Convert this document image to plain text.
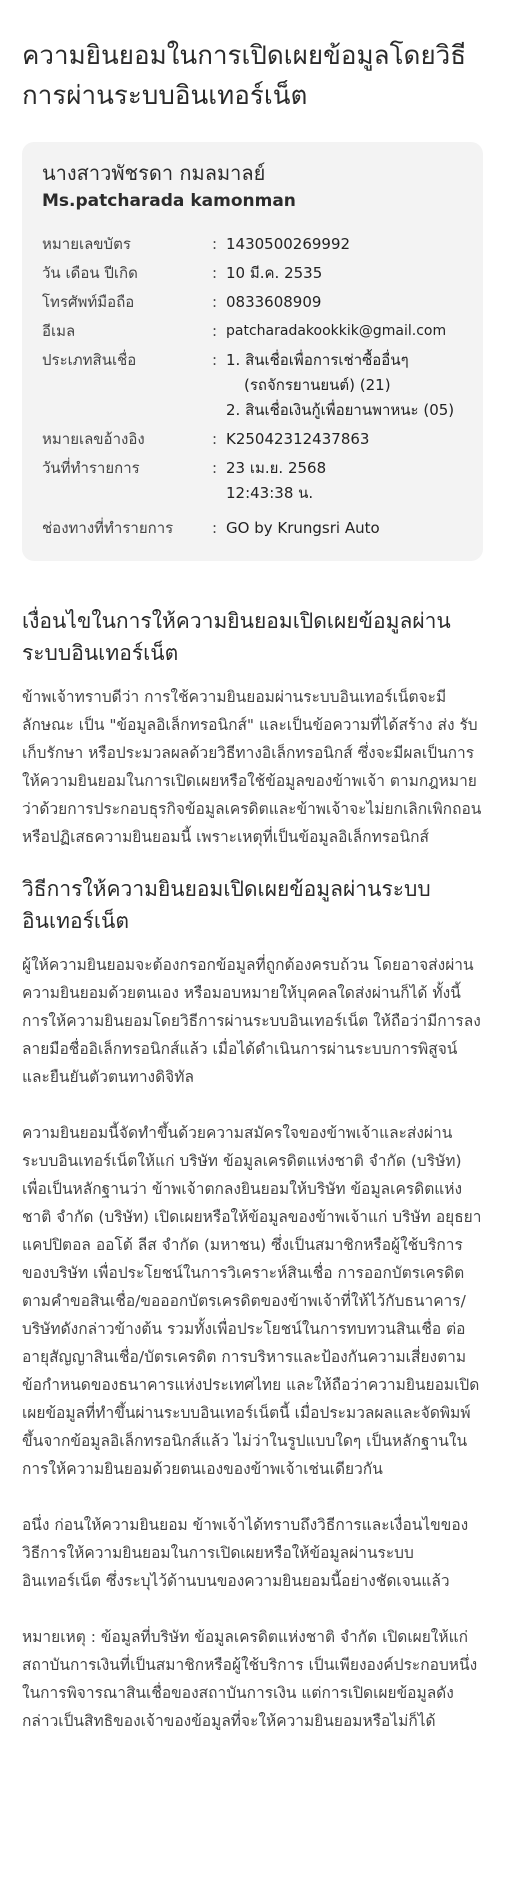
ความยินยอมในการเปิดเผยข้อมูลโดยวิธีการผ่านระบบอินเทอร์เน็ต
นางสาวพัชรดา กมลมาลย์
Ms.patcharada kamonman
หมายเลขบัตร	: 1430500269992
วัน เดือน ปีเกิด	: 10 มี.ค. 2535
โทรศัพท์มือถือ	: 0833608909
อีเมล	: patcharadakookkik@gmail.com
ประเภทสินเชื่อ	: 1. สินเชื่อเพื่อการเช่าซื้ออื่นๆ
(รถจักรยานยนต์) (21)
2. สินเชื่อเงินกู้เพื่อยานพาหนะ (05)
หมายเลขอ้างอิง	: K25042312437863
วันที่ทำรายการ	: 23 เม.ย. 2568
12:43:38 น.
ช่องทางที่ทำรายการ	: GO by Krungsri Auto
เงื่อนไขในการให้ความยินยอมเปิดเผยข้อมูลผ่านระบบอินเทอร์เน็ต

ข้าพเจ้าทราบดีว่า การใช้ความยินยอมผ่านระบบอินเทอร์เน็ตจะมีลักษณะ เป็น "ข้อมูลอิเล็กทรอนิกส์" และเป็นข้อความที่ได้สร้าง ส่ง รับ เก็บรักษา หรือประมวลผลด้วยวิธีทางอิเล็กทรอนิกส์ ซึ่งจะมีผลเป็นการ ให้ความยินยอมในการเปิดเผยหรือใช้ข้อมูลของข้าพเจ้า ตามกฎหมายว่าด้วยการประกอบธุรกิจข้อมูลเครดิตและข้าพเจ้าจะไม่ยกเลิกเพิกถอนหรือปฏิเสธความยินยอมนี้ เพราะเหตุที่เป็นข้อมูลอิเล็กทรอนิกส์

วิธีการให้ความยินยอมเปิดเผยข้อมูลผ่านระบบอินเทอร์เน็ต

ผู้ให้ความยินยอมจะต้องกรอกข้อมูลที่ถูกต้องครบถ้วน โดยอาจส่งผ่านความยินยอมด้วยตนเอง หรือมอบหมายให้บุคคลใดส่งผ่านก็ได้ ทั้งนี้ การให้ความยินยอมโดยวิธีการผ่านระบบอินเทอร์เน็ต ให้ถือว่ามีการลงลายมือชื่ออิเล็กทรอนิกส์แล้ว เมื่อได้ดำเนินการผ่านระบบการพิสูจน์และยืนยันตัวตนทางดิจิทัล

ความยินยอมนี้จัดทำขึ้นด้วยความสมัครใจของข้าพเจ้าและส่งผ่านระบบอินเทอร์เน็ตให้แก่ บริษัท ข้อมูลเครดิตแห่งชาติ จำกัด (บริษัท) เพื่อเป็นหลักฐานว่า ข้าพเจ้าตกลงยินยอมให้บริษัท ข้อมูลเครดิตแห่งชาติ จำกัด (บริษัท) เปิดเผยหรือให้ข้อมูลของข้าพเจ้าแก่ บริษัท อยุธยา แคปปิตอล ออโต้ ลีส จำกัด (มหาชน) ซึ่งเป็นสมาชิกหรือผู้ใช้บริการของบริษัท เพื่อประโยชน์ในการวิเคราะห์สินเชื่อ การออกบัตรเครดิต ตามคำขอสินเชื่อ/ขอออกบัตรเครดิตของข้าพเจ้าที่ให้ไว้กับธนาคาร/บริษัทดังกล่าวข้างต้น รวมทั้งเพื่อประโยชน์ในการทบทวนสินเชื่อ ต่ออายุสัญญาสินเชื่อ/บัตรเครดิต การบริหารและป้องกันความเสี่ยงตามข้อกำหนดของธนาคารแห่งประเทศไทย และให้ถือว่าความยินยอมเปิดเผยข้อมูลที่ทำขึ้นผ่านระบบอินเทอร์เน็ตนี้ เมื่อประมวลผลและจัดพิมพ์ขึ้นจากข้อมูลอิเล็กทรอนิกส์แล้ว ไม่ว่าในรูปแบบใดๆ เป็นหลักฐานในการให้ความยินยอมด้วยตนเองของข้าพเจ้าเช่นเดียวกัน

อนึ่ง ก่อนให้ความยินยอม ข้าพเจ้าได้ทราบถึงวิธีการและเงื่อนไขของวิธีการให้ความยินยอมในการเปิดเผยหรือให้ข้อมูลผ่านระบบอินเทอร์เน็ต ซึ่งระบุไว้ด้านบนของความยินยอมนี้อย่างชัดเจนแล้ว

หมายเหตุ : ข้อมูลที่บริษัท ข้อมูลเครดิตแห่งชาติ จำกัด เปิดเผยให้แก่สถาบันการเงินที่เป็นสมาชิกหรือผู้ใช้บริการ เป็นเพียงองค์ประกอบหนึ่งในการพิจารณาสินเชื่อของสถาบันการเงิน แต่การเปิดเผยข้อมูลดังกล่าวเป็นสิทธิของเจ้าของข้อมูลที่จะให้ความยินยอมหรือไม่ก็ได้
